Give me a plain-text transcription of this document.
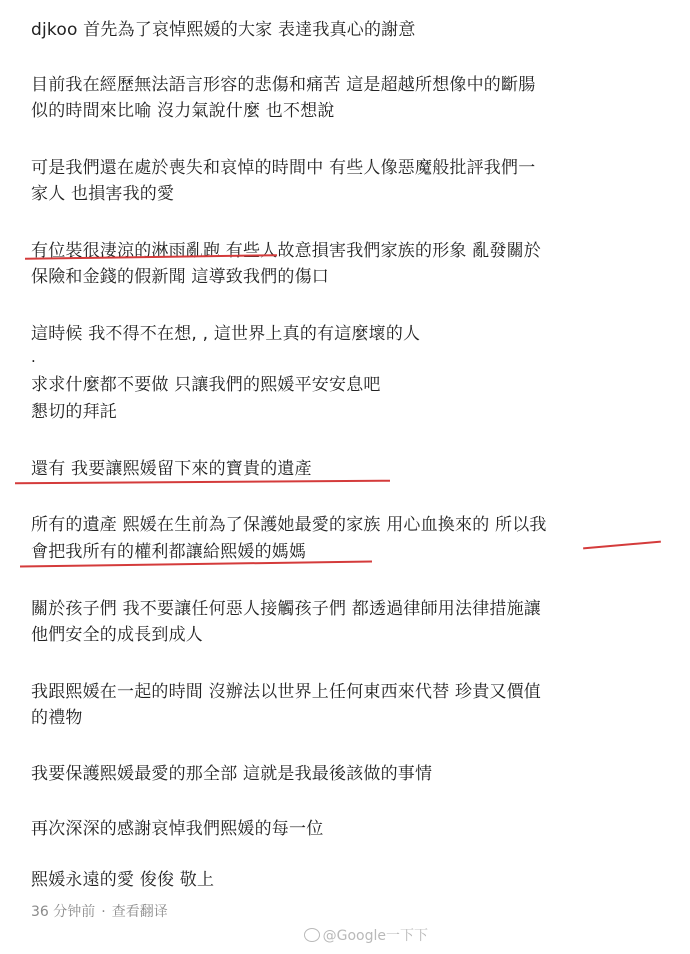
djkoo 首先為了哀悼熙媛的大家 表達我真心的謝意
目前我在經歷無法語言形容的悲傷和痛苦 這是超越所想像中的斷腸
似的時間來比喻 沒力氣說什麼 也不想說
可是我們還在處於喪失和哀悼的時間中 有些人像惡魔般批評我們一
家人 也損害我的愛
有位裝很淒涼的淋雨亂跑 有些人故意損害我們家族的形象 亂發關於
保險和金錢的假新聞 這導致我們的傷口
這時候 我不得不在想, , 這世界上真的有這麼壞的人
.
求求什麼都不要做 只讓我們的熙媛平安安息吧
懇切的拜託
還有 我要讓熙媛留下來的寶貴的遺產
所有的遺產 熙媛在生前為了保護她最愛的家族 用心血換來的 所以我
會把我所有的權利都讓給熙媛的媽媽
關於孩子們 我不要讓任何惡人接觸孩子們 都透過律師用法律措施讓
他們安全的成長到成人
我跟熙媛在一起的時間 沒辦法以世界上任何東西來代替 珍貴又價值
的禮物
我要保護熙媛最愛的那全部 這就是我最後該做的事情
再次深深的感謝哀悼我們熙媛的每一位
熙媛永遠的愛 俊俊 敬上
36 分钟前 · 查看翻译
@Google一下下
